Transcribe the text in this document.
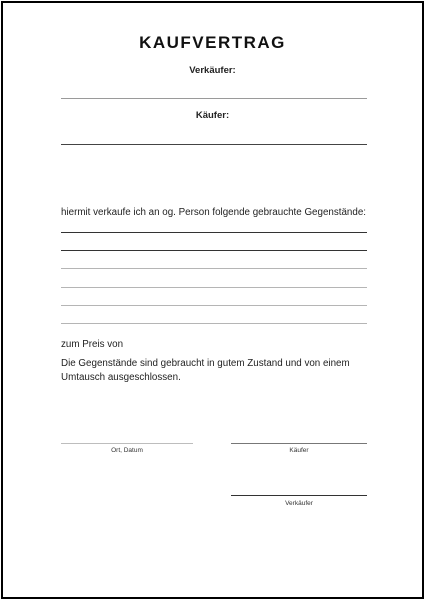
KAUFVERTRAG
Verkäufer:
Käufer:
hiermit verkaufe ich an og. Person folgende gebrauchte Gegenstände:
zum Preis von
Die Gegenstände sind gebraucht in gutem Zustand und von einem Umtausch ausgeschlossen.
Ort, Datum	Käufer
Verkäufer
